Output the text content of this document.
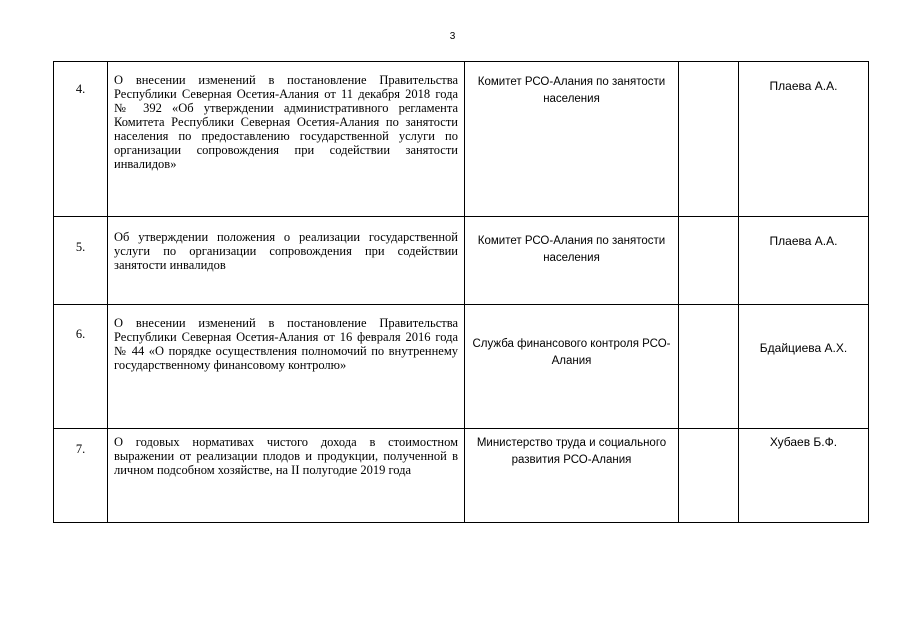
3
4.	О внесении изменений в постановление Правительства Республики Северная Осетия-Алания от 11 декабря 2018 года № 392 «Об утверждении административного регламента Комитета Республики Северная Осетия-Алания по занятости населения по предоставлению государственной услуги по организации сопровождения при содействии занятости инвалидов»	Комитет РСО-Алания по занятости населения		Плаева А.А.
5.	Об утверждении положения о реализации государственной услуги по организации сопровождения при содействии занятости инвалидов	Комитет РСО-Алания по занятости населения		Плаева А.А.
6.	О внесении изменений в постановление Правительства Республики Северная Осетия-Алания от 16 февраля 2016 года № 44 «О порядке осуществления полномочий по внутреннему государственному финансовому контролю»	Служба финансового контроля РСО-Алания		Бдайциева А.Х.
7.	О годовых нормативах чистого дохода в стоимостном выражении от реализации плодов и продукции, полученной в личном подсобном хозяйстве, на II полугодие 2019 года	Министерство труда и социального развития РСО-Алания		Хубаев Б.Ф.
